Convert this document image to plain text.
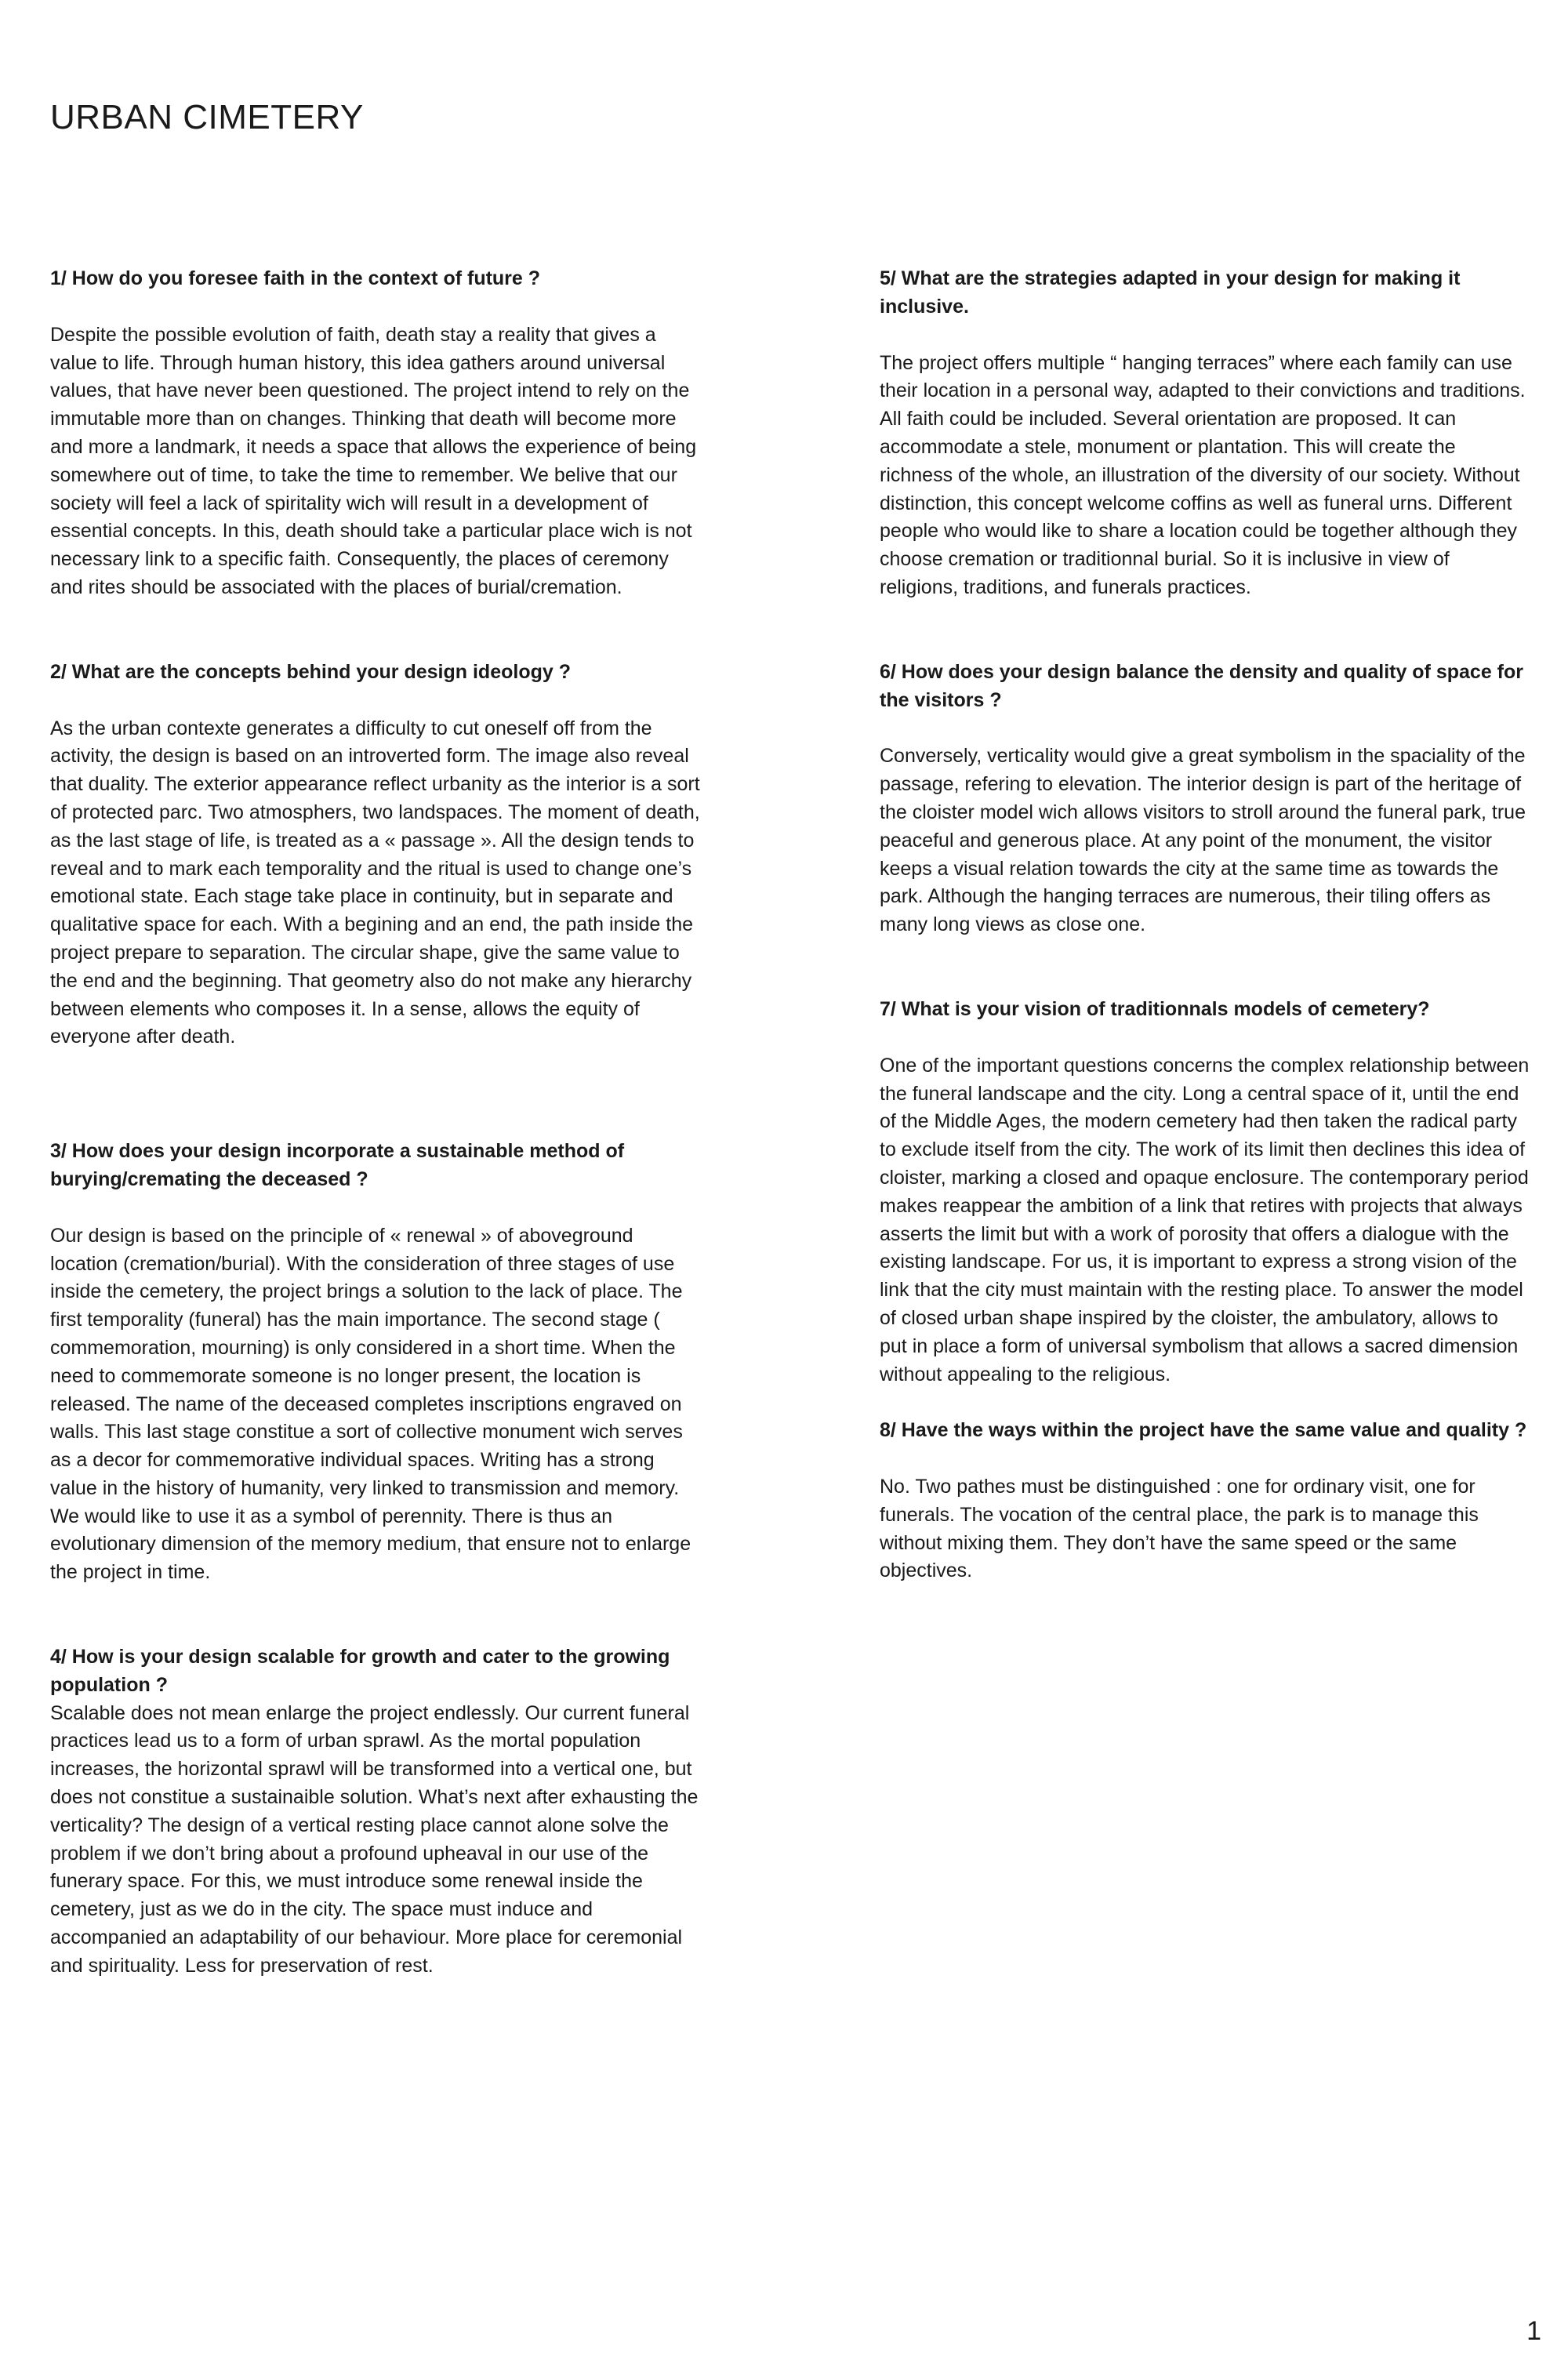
URBAN CIMETERY

1/ How do you foresee faith in the context of future ?

Despite the possible evolution of faith, death stay a reality that gives a value to life. Through human history, this idea gathers around universal values, that have never been questioned. The project intend to rely on the immutable more than on changes. Thinking that death will become more and more a landmark, it needs a space that allows the experience of being somewhere out of time, to take the time to remember. We belive that our society will feel a lack of spiritality wich will result in a development of essential concepts. In this, death should take a particular place wich is not necessary link to a specific faith. Consequently, the places of ceremony and rites should be associated with the places of burial/cremation.

2/ What are the concepts behind your design ideology ?

As the urban contexte generates a difficulty to cut oneself off from the activity, the design is based on an introverted form. The image also reveal that duality. The exterior appearance reflect urbanity as the interior is a sort of protected parc. Two atmosphers, two landspaces. The moment of death, as the last stage of life, is treated as a « passage ». All the design tends to reveal and to mark each temporality and the ritual is used to change one’s emotional state. Each stage take place in continuity, but in separate and qualitative space for each. With a begining and an end, the path inside the project prepare to separation. The circular shape, give the same value to the end and the beginning. That geometry also do not make any hierarchy between elements who composes it. In a sense, allows the equity of everyone after death.

3/ How does your design incorporate a sustainable method of burying/cremating the deceased ?

Our design is based on the principle of « renewal » of aboveground location (cremation/burial). With the consideration of three stages of use inside the cemetery, the project brings a solution to the lack of place. The first temporality (funeral) has the main importance. The second stage ( commemoration, mourning) is only considered in a short time. When the need to commemorate someone is no longer present, the location is released. The name of the deceased completes inscriptions engraved on walls. This last stage constitue a sort of collective monument wich serves as a decor for commemorative individual spaces. Writing has a strong value in the history of humanity, very linked to transmission and memory. We would like to use it as a symbol of perennity. There is thus an evolutionary dimension of the memory medium, that ensure not to enlarge the project in time.

4/ How is your design scalable for growth and cater to the growing population ?

Scalable does not mean enlarge the project endlessly. Our current funeral practices lead us to a form of urban sprawl. As the mortal population increases, the horizontal sprawl will be transformed into a vertical one, but does not constitue a sustainaible solution. What’s next after exhausting the verticality? The design of a vertical resting place cannot alone solve the problem if we don’t bring about a profound upheaval in our use of the funerary space. For this, we must introduce some renewal inside the cemetery, just as we do in the city. The space must induce and accompanied an adaptability of our behaviour. More place for ceremonial and spirituality. Less for preservation of rest.

5/ What are the strategies adapted in your design for making it inclusive.

The project offers multiple “ hanging terraces” where each family can use their location in a personal way, adapted to their convictions and traditions. All faith could be included. Several orientation are proposed. It can accommodate a stele, monument or plantation. This will create the richness of the whole, an illustration of the diversity of our society. Without distinction, this concept welcome coffins as well as funeral urns. Different people who would like to share a location could be together although they choose cremation or traditionnal burial. So it is inclusive in view of religions, traditions, and funerals practices.

6/ How does your design balance the density and quality of space for the visitors ?

Conversely, verticality would give a great symbolism in the spaciality of the passage, refering to elevation. The interior design is part of the heritage of the cloister model wich allows visitors to stroll around the funeral park, true peaceful and generous place. At any point of the monument, the visitor keeps a visual relation towards the city at the same time as towards the park. Although the hanging terraces are numerous, their tiling offers as many long views as close one.

7/ What is your vision of traditionnals models of cemetery?

One of the important questions concerns the complex relationship between the funeral landscape and the city. Long a central space of it, until the end of the Middle Ages, the modern cemetery had then taken the radical party to exclude itself from the city. The work of its limit then declines this idea of cloister, marking a closed and opaque enclosure. The contemporary period makes reappear the ambition of a link that retires with projects that always asserts the limit but with a work of porosity that offers a dialogue with the existing landscape. For us, it is important to express a strong vision of the link that the city must maintain with the resting place. To answer the model of closed urban shape inspired by the cloister, the ambulatory, allows to put in place a form of universal symbolism that allows a sacred dimension without appealing to the religious.

8/ Have the ways within the project have the same value and quality ?

No. Two pathes must be distinguished : one for ordinary visit, one for funerals. The vocation of the central place, the park is to manage this without mixing them. They don’t have the same speed or the same objectives.

1
